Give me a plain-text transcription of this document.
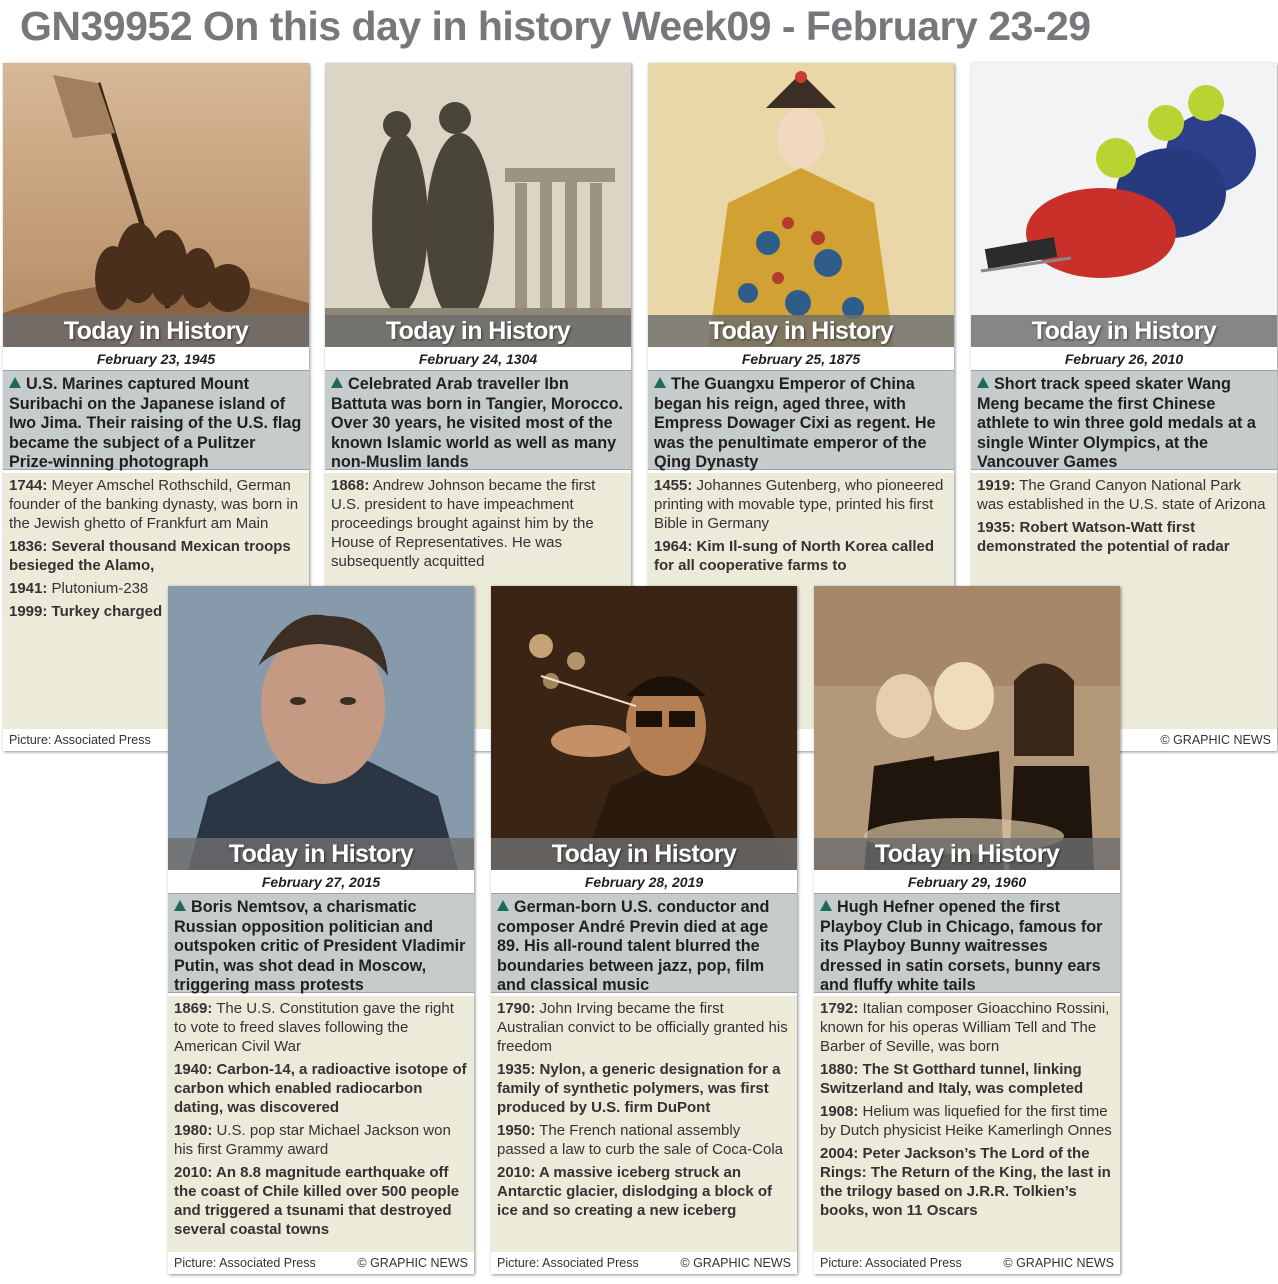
GN39952 On this day in history Week09 - February 23-29
Today in History
February 23, 1945
U.S. Marines captured Mount Suribachi on the Japanese island of Iwo Jima. Their raising of the U.S. flag became the subject of a Pulitzer Prize-winning photograph
1744: Meyer Amschel Rothschild, German founder of the banking dynasty, was born in the Jewish ghetto of Frankfurt am Main
1836: Several thousand Mexican troops besieged the Alamo,
1941: Plutonium-238
1999: Turkey charged
Picture: Associated Press
Today in History
February 24, 1304
Celebrated Arab traveller Ibn Battuta was born in Tangier, Morocco. Over 30 years, he visited most of the known Islamic world as well as many non-Muslim lands
1868: Andrew Johnson became the first U.S. president to have impeachment proceedings brought against him by the House of Representatives. He was subsequently acquitted
Today in History
February 25, 1875
The Guangxu Emperor of China began his reign, aged three, with Empress Dowager Cixi as regent. He was the penultimate emperor of the Qing Dynasty
1455: Johannes Gutenberg, who pioneered printing with movable type, printed his first Bible in Germany
1964: Kim Il-sung of North Korea called for all cooperative farms to
Today in History
February 26, 2010
Short track speed skater Wang Meng became the first Chinese athlete to win three gold medals at a single Winter Olympics, at the Vancouver Games
1919: The Grand Canyon National Park was established in the U.S. state of Arizona
1935: Robert Watson-Watt first demonstrated the potential of radar
© GRAPHIC NEWS
Today in History
February 27, 2015
Boris Nemtsov, a charismatic Russian opposition politician and outspoken critic of President Vladimir Putin, was shot dead in Moscow, triggering mass protests
1869: The U.S. Constitution gave the right to vote to freed slaves following the American Civil War
1940: Carbon-14, a radioactive isotope of carbon which enabled radiocarbon dating, was discovered
1980: U.S. pop star Michael Jackson won his first Grammy award
2010: An 8.8 magnitude earthquake off the coast of Chile killed over 500 people and triggered a tsunami that destroyed several coastal towns
Picture: Associated Press	© GRAPHIC NEWS
Today in History
February 28, 2019
German-born U.S. conductor and composer André Previn died at age 89. His all-round talent blurred the boundaries between jazz, pop, film and classical music
1790: John Irving became the first Australian convict to be officially granted his freedom
1935: Nylon, a generic designation for a family of synthetic polymers, was first produced by U.S. firm DuPont
1950: The French national assembly passed a law to curb the sale of Coca-Cola
2010: A massive iceberg struck an Antarctic glacier, dislodging a block of ice and so creating a new iceberg
Picture: Associated Press	© GRAPHIC NEWS
Today in History
February 29, 1960
Hugh Hefner opened the first Playboy Club in Chicago, famous for its Playboy Bunny waitresses dressed in satin corsets, bunny ears and fluffy white tails
1792: Italian composer Gioacchino Rossini, known for his operas William Tell and The Barber of Seville, was born
1880: The St Gotthard tunnel, linking Switzerland and Italy, was completed
1908: Helium was liquefied for the first time by Dutch physicist Heike Kamerlingh Onnes
2004: Peter Jackson’s The Lord of the Rings: The Return of the King, the last in the trilogy based on J.R.R. Tolkien’s books, won 11 Oscars
Picture: Associated Press	© GRAPHIC NEWS
